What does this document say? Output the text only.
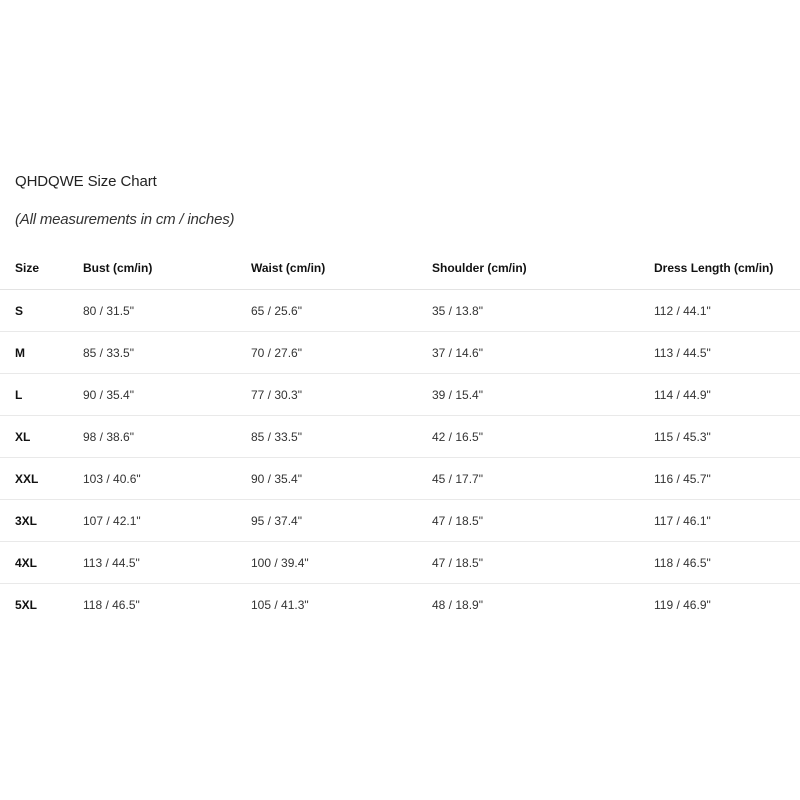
QHDQWE Size Chart
(All measurements in cm / inches)
Size	Bust (cm/in)	Waist (cm/in)	Shoulder (cm/in)	Dress Length (cm/in)
S	80 / 31.5"	65 / 25.6"	35 / 13.8"	112 / 44.1"
M	85 / 33.5"	70 / 27.6"	37 / 14.6"	113 / 44.5"
L	90 / 35.4"	77 / 30.3"	39 / 15.4"	114 / 44.9"
XL	98 / 38.6"	85 / 33.5"	42 / 16.5"	115 / 45.3"
XXL	103 / 40.6"	90 / 35.4"	45 / 17.7"	116 / 45.7"
3XL	107 / 42.1"	95 / 37.4"	47 / 18.5"	117 / 46.1"
4XL	113 / 44.5"	100 / 39.4"	47 / 18.5"	118 / 46.5"
5XL	118 / 46.5"	105 / 41.3"	48 / 18.9"	119 / 46.9"
